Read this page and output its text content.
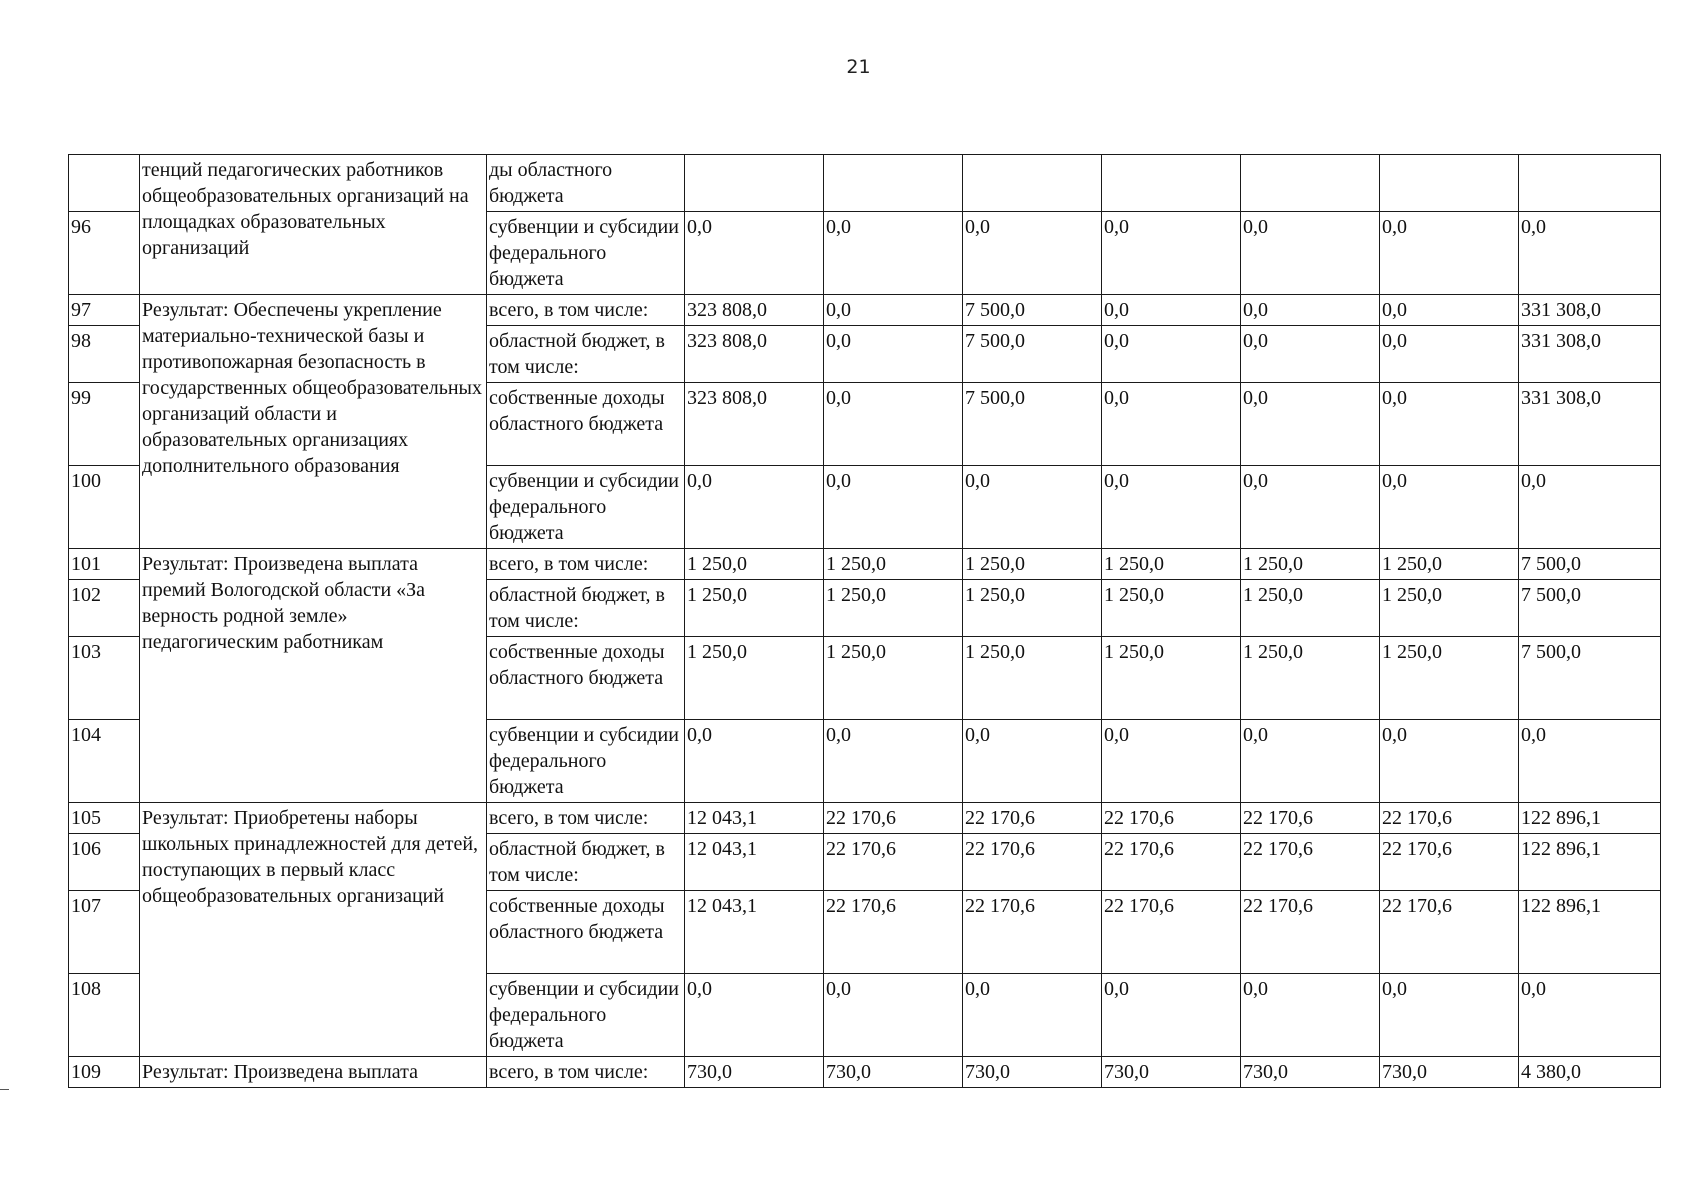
21
	тенций педагогических работников общеобразовательных организаций на площадках образовательных организаций	ды областного бюджета							
96		субвенции и субсидии федерального бюджета	0,0	0,0	0,0	0,0	0,0	0,0	0,0
97	Результат: Обеспечены укрепление материально-технической базы и противопожарная безопасность в государственных общеобразовательных организаций области и образовательных организациях дополнительного образования	всего, в том числе:	323 808,0	0,0	7 500,0	0,0	0,0	0,0	331 308,0
98		областной бюджет, в том числе:	323 808,0	0,0	7 500,0	0,0	0,0	0,0	331 308,0
99		собственные доходы областного бюджета	323 808,0	0,0	7 500,0	0,0	0,0	0,0	331 308,0
100		субвенции и субсидии федерального бюджета	0,0	0,0	0,0	0,0	0,0	0,0	0,0
101	Результат: Произведена выплата премий Вологодской области «За верность родной земле» педагогическим работникам	всего, в том числе:	1 250,0	1 250,0	1 250,0	1 250,0	1 250,0	1 250,0	7 500,0
102		областной бюджет, в том числе:	1 250,0	1 250,0	1 250,0	1 250,0	1 250,0	1 250,0	7 500,0
103		собственные доходы областного бюджета	1 250,0	1 250,0	1 250,0	1 250,0	1 250,0	1 250,0	7 500,0
104		субвенции и субсидии федерального бюджета	0,0	0,0	0,0	0,0	0,0	0,0	0,0
105	Результат: Приобретены наборы школьных принадлежностей для детей, поступающих в первый класс общеобразовательных организаций	всего, в том числе:	12 043,1	22 170,6	22 170,6	22 170,6	22 170,6	22 170,6	122 896,1
106		областной бюджет, в том числе:	12 043,1	22 170,6	22 170,6	22 170,6	22 170,6	22 170,6	122 896,1
107		собственные доходы областного бюджета	12 043,1	22 170,6	22 170,6	22 170,6	22 170,6	22 170,6	122 896,1
108		субвенции и субсидии федерального бюджета	0,0	0,0	0,0	0,0	0,0	0,0	0,0
109	Результат: Произведена выплата	всего, в том числе:	730,0	730,0	730,0	730,0	730,0	730,0	4 380,0
